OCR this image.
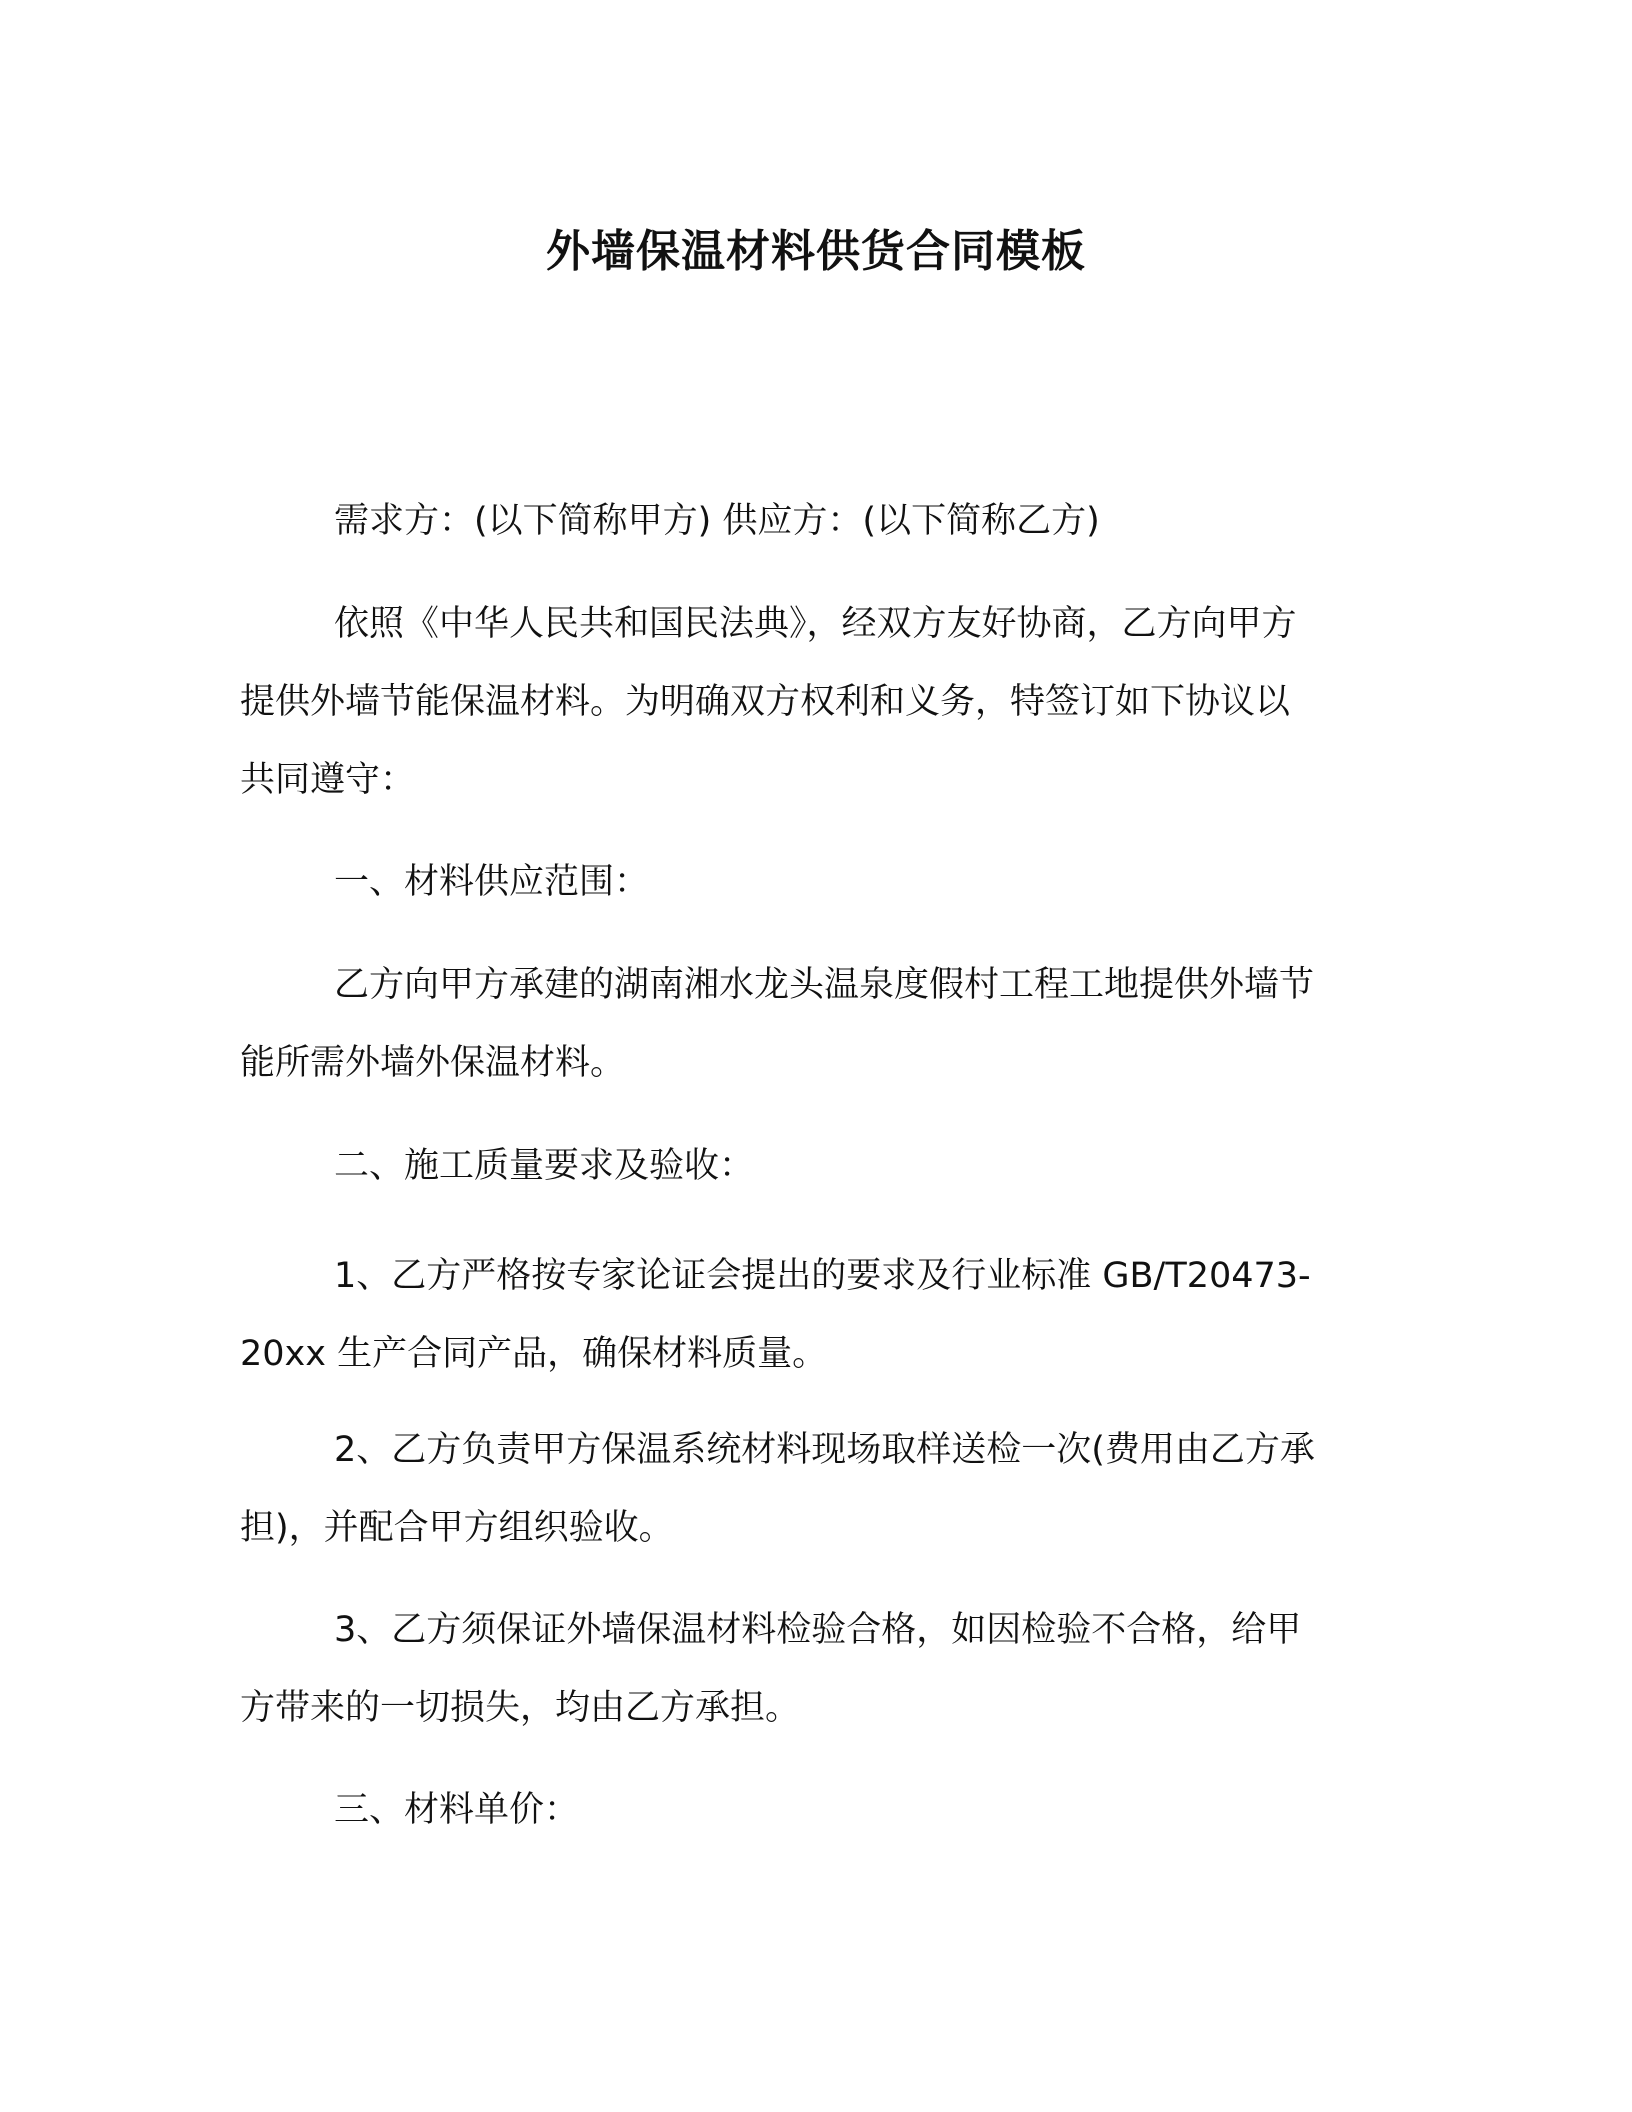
外墙保温材料供货合同模板

需求方：(以下简称甲方) 供应方：(以下简称乙方)

依照《中华人民共和国民法典》，经双方友好协商，乙方向甲方
提供外墙节能保温材料。为明确双方权利和义务，特签订如下协议以
共同遵守：

一、材料供应范围：

乙方向甲方承建的湖南湘水龙头温泉度假村工程工地提供外墙节
能所需外墙外保温材料。

二、施工质量要求及验收：

1、乙方严格按专家论证会提出的要求及行业标准 GB/T20473-
20xx 生产合同产品，确保材料质量。

2、乙方负责甲方保温系统材料现场取样送检一次(费用由乙方承
担)，并配合甲方组织验收。

3、乙方须保证外墙保温材料检验合格，如因检验不合格，给甲
方带来的一切损失，均由乙方承担。

三、材料单价：
